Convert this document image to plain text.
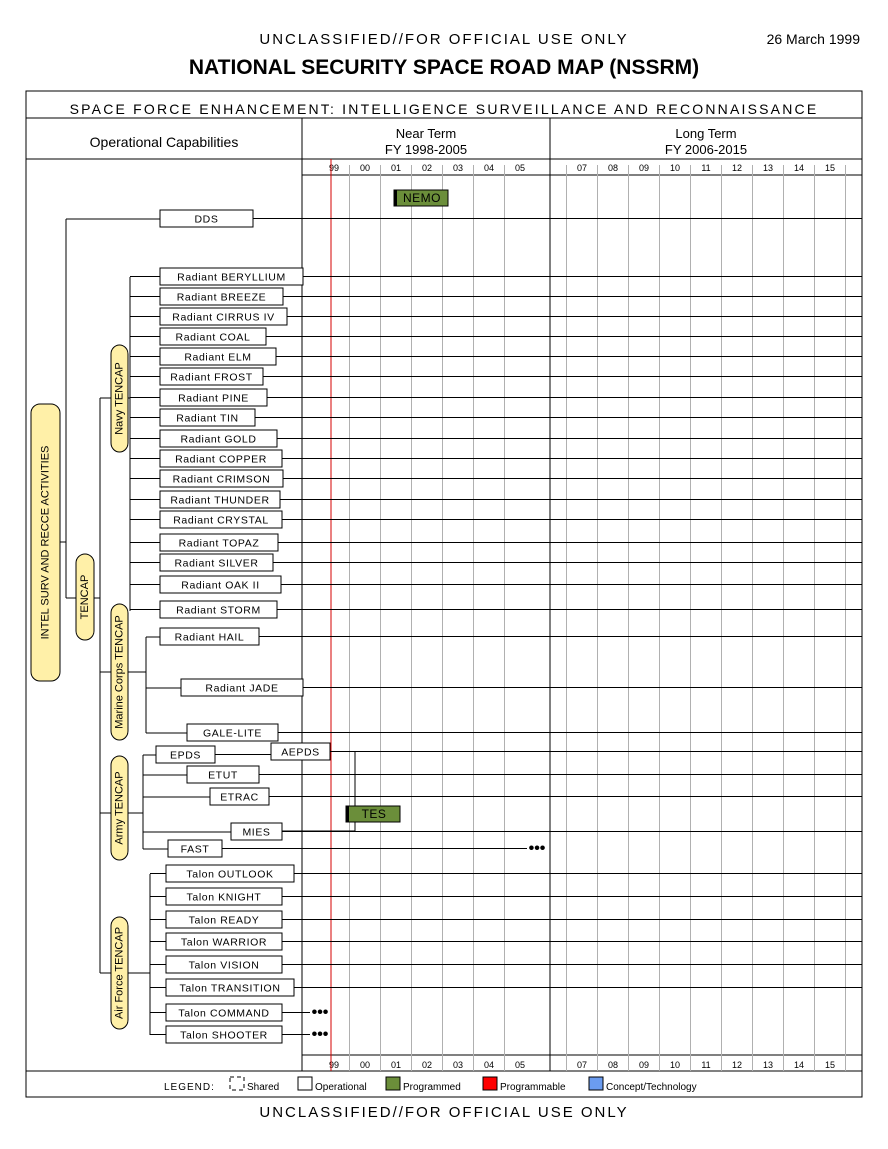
UNCLASSIFIED//FOR OFFICIAL USE ONLY	26 March 1999
NATIONAL SECURITY SPACE ROAD MAP (NSSRM)
SPACE FORCE ENHANCEMENT: INTELLIGENCE SURVEILLANCE AND RECONNAISSANCE
Operational Capabilities
Near Term
FY 1998-2005
Long Term
FY 2006-2015
99
99
00
00
01
01
02
02
03
03
04
04
05
05
07
07
08
08
09
09
10
10
11
11
12
12
13
13
14
14
15
15
DDS
Radiant BERYLLIUM
Radiant BREEZE
Radiant CIRRUS IV
Radiant COAL
Radiant ELM
Radiant FROST
Radiant PINE
Radiant TIN
Radiant GOLD
Radiant COPPER
Radiant CRIMSON
Radiant THUNDER
Radiant CRYSTAL
Radiant TOPAZ
Radiant SILVER
Radiant OAK II
Radiant STORM
Radiant HAIL
Radiant JADE
GALE-LITE
EPDS	AEPDS
ETUT
ETRAC
MIES
FAST
Talon OUTLOOK
Talon KNIGHT
Talon READY
Talon WARRIOR
Talon VISION
Talon TRANSITION
Talon COMMAND
Talon SHOOTER
•••
•••
•••
NEMO
TES
INTEL SURV AND RECCE ACTIVITIES	TENCAP
Navy TENCAP
Marine Corps TENCAP
Army TENCAP
Air Force TENCAP
LEGEND:	Shared	Operational	Programmed	Programmable	Concept/Technology
UNCLASSIFIED//FOR OFFICIAL USE ONLY
